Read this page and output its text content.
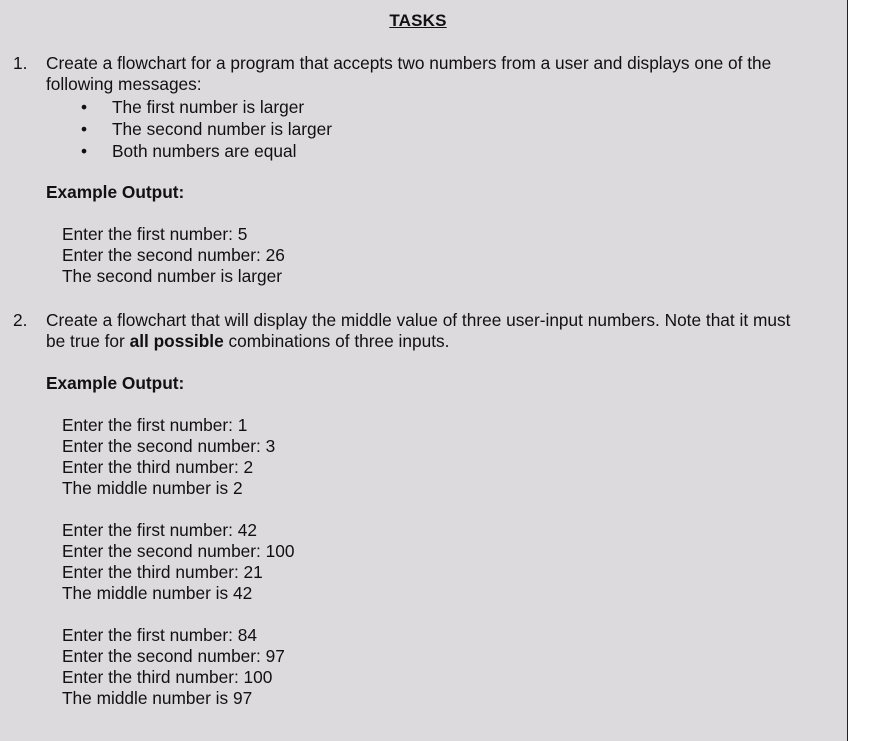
TASKS
1. Create a flowchart for a program that accepts two numbers from a user and displays one of the
following messages:
• The first number is larger
• The second number is larger
• Both numbers are equal
Example Output:
Enter the first number: 5
Enter the second number: 26
The second number is larger
2. Create a flowchart that will display the middle value of three user-input numbers. Note that it must
be true for all possible combinations of three inputs.
Example Output:
Enter the first number: 1
Enter the second number: 3
Enter the third number: 2
The middle number is 2
Enter the first number: 42
Enter the second number: 100
Enter the third number: 21
The middle number is 42
Enter the first number: 84
Enter the second number: 97
Enter the third number: 100
The middle number is 97
